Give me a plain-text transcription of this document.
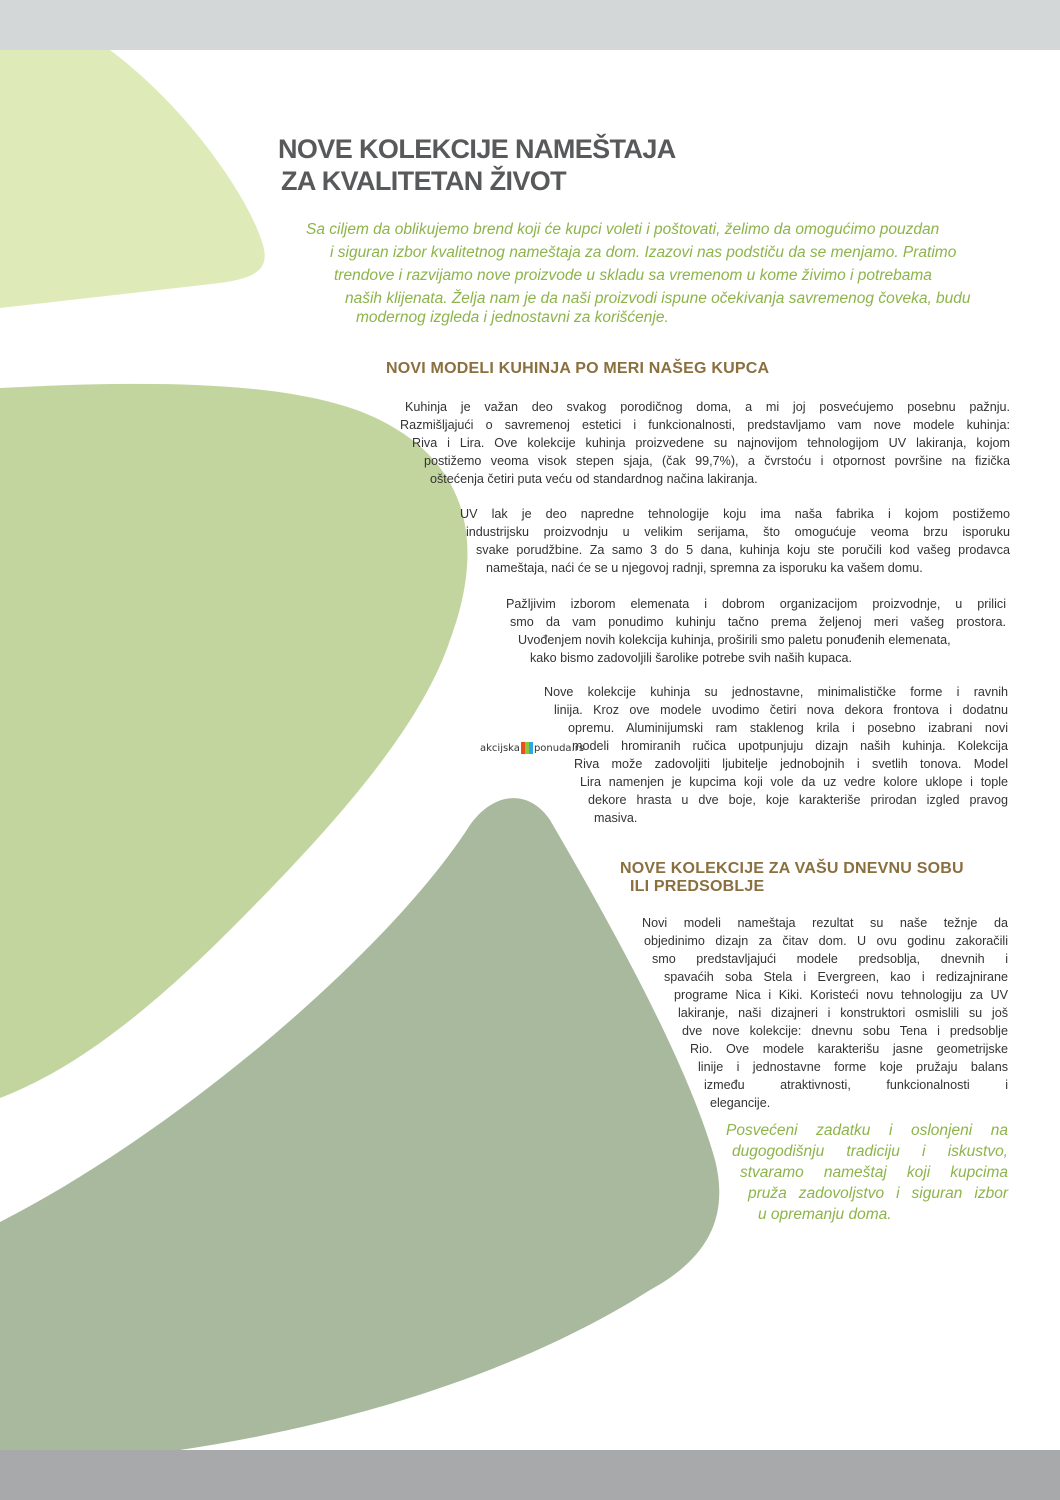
NOVE KOLEKCIJE NAMEŠTAJA
ZA KVALITETAN ŽIVOT
Sa ciljem da oblikujemo brend koji će kupci voleti i poštovati, želimo da omogućimo pouzdan
i siguran izbor kvalitetnog nameštaja za dom. Izazovi nas podstiču da se menjamo. Pratimo
trendove i razvijamo nove proizvode u skladu sa vremenom u kome živimo i potrebama
naših klijenata. Želja nam je da naši proizvodi ispune očekivanja savremenog čoveka, budu
modernog izgleda i jednostavni za korišćenje.
NOVI MODELI KUHINJA PO MERI NAŠEG KUPCA
Kuhinja je važan deo svakog porodičnog doma, a mi joj posvećujemo posebnu pažnju.
Razmišljajući o savremenoj estetici i funkcionalnosti, predstavljamo vam nove modele kuhinja:
Riva i Lira. Ove kolekcije kuhinja proizvedene su najnovijom tehnologijom UV lakiranja, kojom
postižemo veoma visok stepen sjaja, (čak 99,7%), a čvrstoću i otpornost površine na fizička
oštećenja četiri puta veću od standardnog načina lakiranja.
UV lak je deo napredne tehnologije koju ima naša fabrika i kojom postižemo
industrijsku proizvodnju u velikim serijama, što omogućuje veoma brzu isporuku
svake porudžbine. Za samo 3 do 5 dana, kuhinja koju ste poručili kod vašeg prodavca
nameštaja, naći će se u njegovoj radnji, spremna za isporuku ka vašem domu.
Pažljivim izborom elemenata i dobrom organizacijom proizvodnje, u prilici
smo da vam ponudimo kuhinju tačno prema željenoj meri vašeg prostora.
Uvođenjem novih kolekcija kuhinja, proširili smo paletu ponuđenih elemenata,
kako bismo zadovoljili šarolike potrebe svih naših kupaca.
Nove kolekcije kuhinja su jednostavne, minimalističke forme i ravnih
linija. Kroz ove modele uvodimo četiri nova dekora frontova i dodatnu
opremu. Aluminijumski ram staklenog krila i posebno izabrani novi
modeli hromiranih ručica upotpunjuju dizajn naših kuhinja. Kolekcija
Riva može zadovoljiti ljubitelje jednobojnih i svetlih tonova. Model
Lira namenjen je kupcima koji vole da uz vedre kolore uklope i tople
dekore hrasta u dve boje, koje karakteriše prirodan izgled pravog
masiva.
akcijska ponuda.rs
NOVE KOLEKCIJE ZA VAŠU DNEVNU SOBU
ILI PREDSOBLJE
Novi modeli nameštaja rezultat su naše težnje da
objedinimo dizajn za čitav dom. U ovu godinu zakoračili
smo predstavljajući modele predsoblja, dnevnih i
spavaćih soba Stela i Evergreen, kao i redizajnirane
programe Nica i Kiki. Koristeći novu tehnologiju za UV
lakiranje, naši dizajneri i konstruktori osmislili su još
dve nove kolekcije: dnevnu sobu Tena i predsoblje
Rio. Ove modele karakterišu jasne geometrijske
linije i jednostavne forme koje pružaju balans
između atraktivnosti, funkcionalnosti i
elegancije.
Posvećeni zadatku i oslonjeni na
dugogodišnju tradiciju i iskustvo,
stvaramo nameštaj koji kupcima
pruža zadovoljstvo i siguran izbor
u opremanju doma.
